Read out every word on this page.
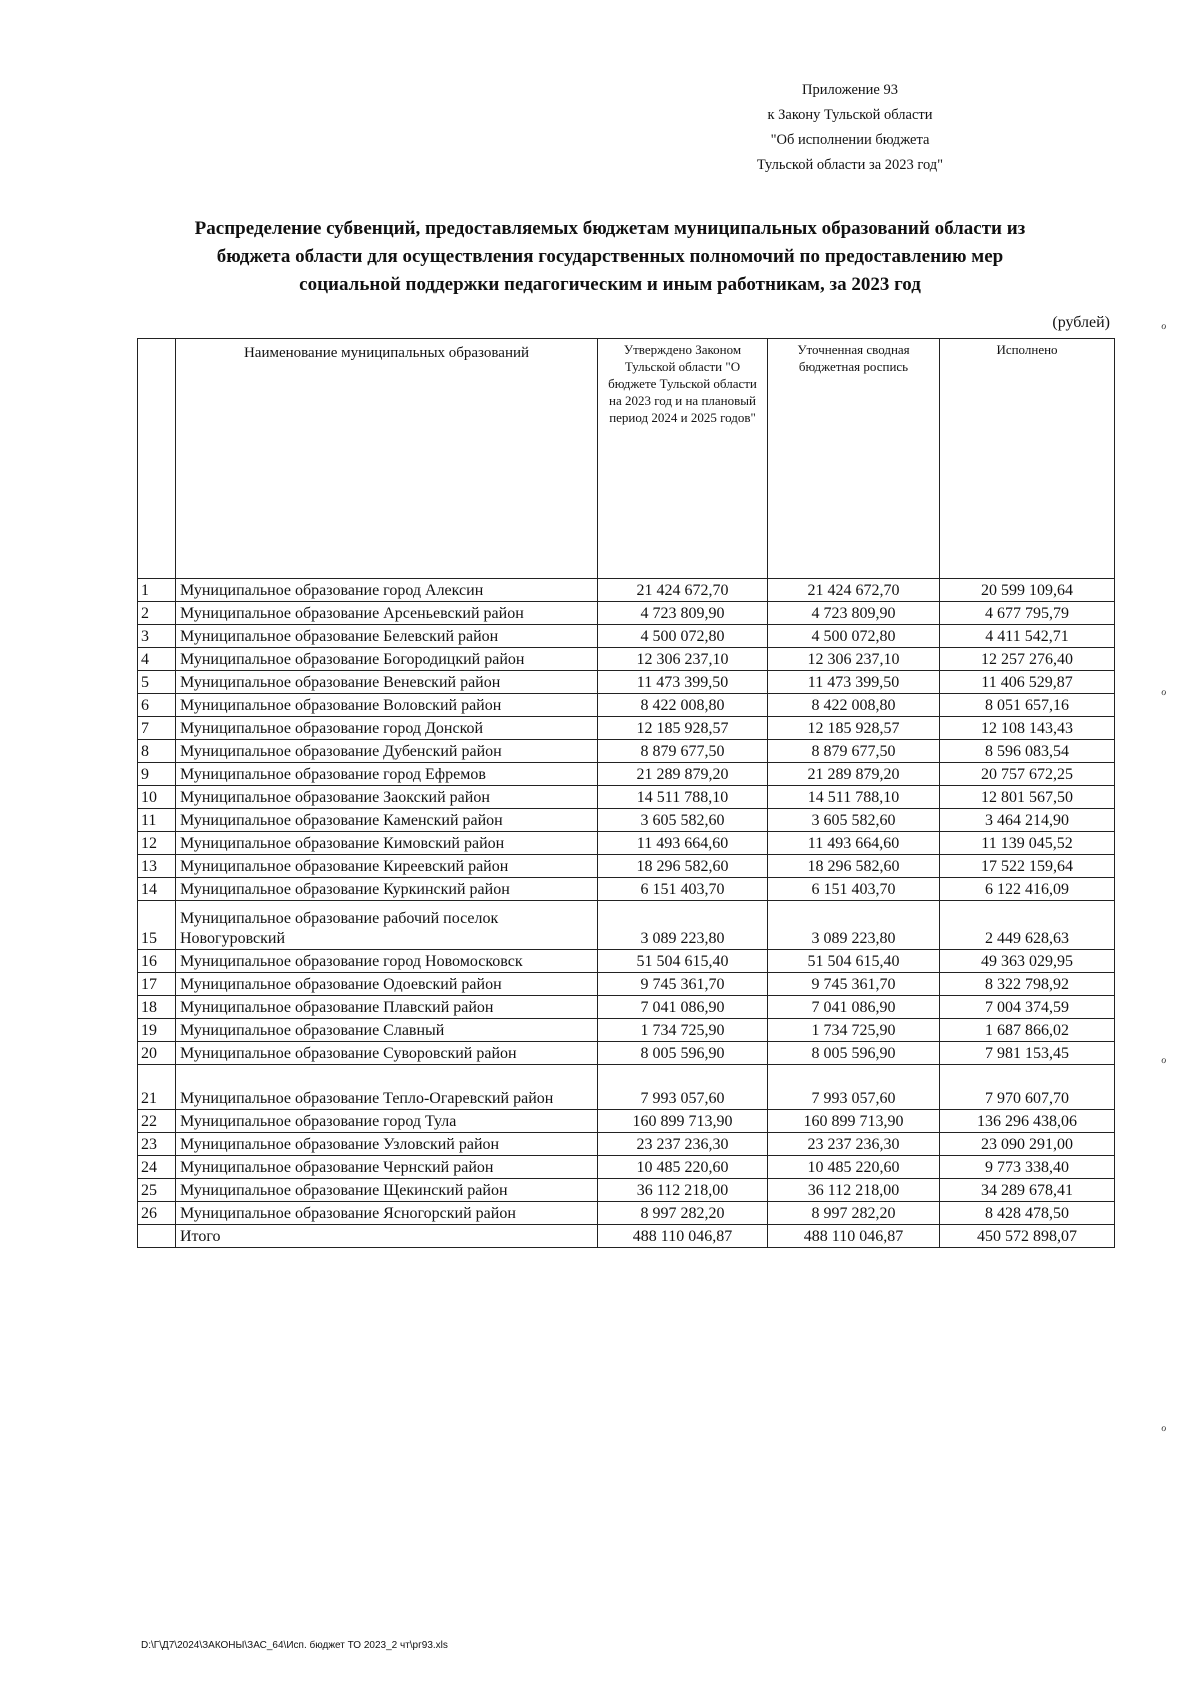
Приложение 93
к Закону Тульской области
"Об исполнении бюджета
Тульской области за 2023 год"
Распределение субвенций, предоставляемых бюджетам муниципальных образований области из
бюджета области для осуществления государственных полномочий по предоставлению мер
социальной поддержки педагогическим и иным работникам, за 2023 год
(рублей)
	Наименование муниципальных образований	Утверждено Законом Тульской области "О бюджете Тульской области на 2023 год и на плановый период 2024 и 2025 годов"	Уточненная сводная бюджетная роспись	Исполнено
1	Муниципальное образование город Алексин	21 424 672,70	21 424 672,70	20 599 109,64
2	Муниципальное образование Арсеньевский район	4 723 809,90	4 723 809,90	4 677 795,79
3	Муниципальное образование Белевский район	4 500 072,80	4 500 072,80	4 411 542,71
4	Муниципальное образование Богородицкий район	12 306 237,10	12 306 237,10	12 257 276,40
5	Муниципальное образование Веневский район	11 473 399,50	11 473 399,50	11 406 529,87
6	Муниципальное образование Воловский район	8 422 008,80	8 422 008,80	8 051 657,16
7	Муниципальное образование город Донской	12 185 928,57	12 185 928,57	12 108 143,43
8	Муниципальное образование Дубенский район	8 879 677,50	8 879 677,50	8 596 083,54
9	Муниципальное образование город Ефремов	21 289 879,20	21 289 879,20	20 757 672,25
10	Муниципальное образование Заокский район	14 511 788,10	14 511 788,10	12 801 567,50
11	Муниципальное образование Каменский район	3 605 582,60	3 605 582,60	3 464 214,90
12	Муниципальное образование Кимовский район	11 493 664,60	11 493 664,60	11 139 045,52
13	Муниципальное образование Киреевский район	18 296 582,60	18 296 582,60	17 522 159,64
14	Муниципальное образование Куркинский район	6 151 403,70	6 151 403,70	6 122 416,09
15	Муниципальное образование рабочий поселок Новогуровский	3 089 223,80	3 089 223,80	2 449 628,63
16	Муниципальное образование город Новомосковск	51 504 615,40	51 504 615,40	49 363 029,95
17	Муниципальное образование Одоевский район	9 745 361,70	9 745 361,70	8 322 798,92
18	Муниципальное образование Плавский район	7 041 086,90	7 041 086,90	7 004 374,59
19	Муниципальное образование Славный	1 734 725,90	1 734 725,90	1 687 866,02
20	Муниципальное образование Суворовский район	8 005 596,90	8 005 596,90	7 981 153,45
21	Муниципальное образование Тепло-Огаревский район	7 993 057,60	7 993 057,60	7 970 607,70
22	Муниципальное образование город Тула	160 899 713,90	160 899 713,90	136 296 438,06
23	Муниципальное образование Узловский район	23 237 236,30	23 237 236,30	23 090 291,00
24	Муниципальное образование Чернский район	10 485 220,60	10 485 220,60	9 773 338,40
25	Муниципальное образование Щекинский район	36 112 218,00	36 112 218,00	34 289 678,41
26	Муниципальное образование Ясногорский район	8 997 282,20	8 997 282,20	8 428 478,50
	Итого	488 110 046,87	488 110 046,87	450 572 898,07
D:\Г\Д7\2024\ЗАКОНЫ\ЗАС_64\Исп. бюджет ТО 2023_2 чт\рг93.xls
ℴ
ℴ
ℴ
ℴ
